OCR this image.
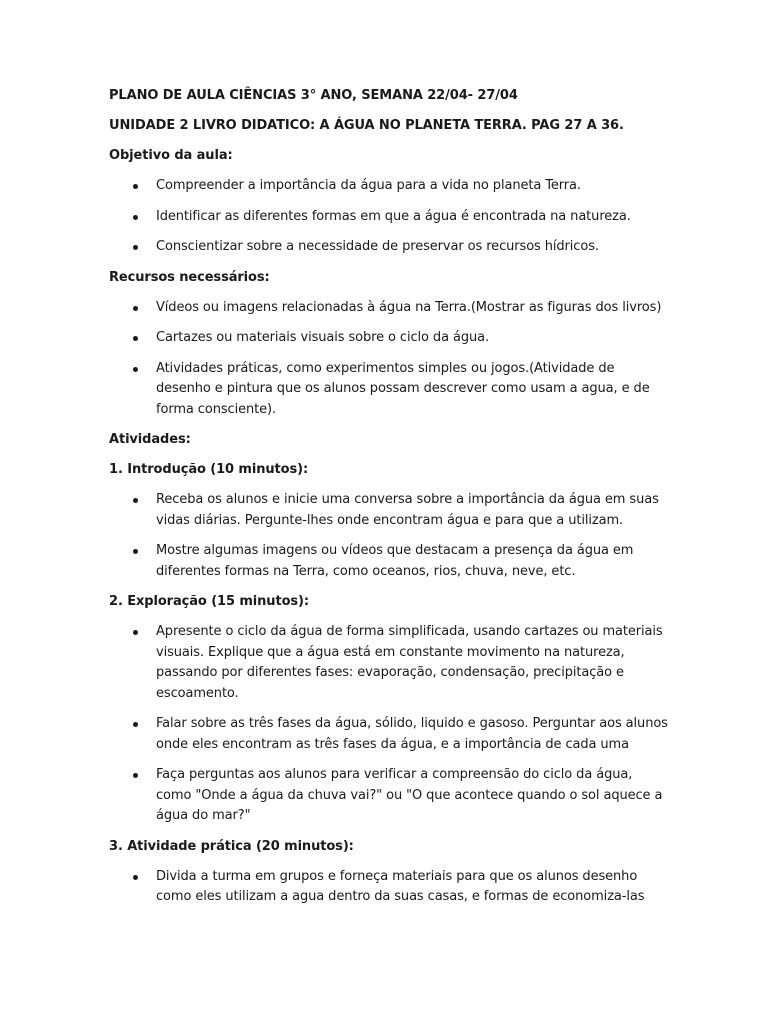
PLANO DE AULA CIÊNCIAS 3° ANO, SEMANA 22/04- 27/04
UNIDADE 2 LIVRO DIDATICO: A ÁGUA NO PLANETA TERRA. PAG 27 A 36.
Objetivo da aula:
Compreender a importância da água para a vida no planeta Terra.
Identificar as diferentes formas em que a água é encontrada na natureza.
Conscientizar sobre a necessidade de preservar os recursos hídricos.
Recursos necessários:
Vídeos ou imagens relacionadas à água na Terra.(Mostrar as figuras dos livros)
Cartazes ou materiais visuais sobre o ciclo da água.
Atividades práticas, como experimentos simples ou jogos.(Atividade de desenho e pintura que os alunos possam descrever como usam a agua, e de forma consciente).
Atividades:
1. Introdução (10 minutos):
Receba os alunos e inicie uma conversa sobre a importância da água em suas vidas diárias. Pergunte-lhes onde encontram água e para que a utilizam.
Mostre algumas imagens ou vídeos que destacam a presença da água em diferentes formas na Terra, como oceanos, rios, chuva, neve, etc.
2. Exploração (15 minutos):
Apresente o ciclo da água de forma simplificada, usando cartazes ou materiais visuais. Explique que a água está em constante movimento na natureza, passando por diferentes fases: evaporação, condensação, precipitação e escoamento.
Falar sobre as três fases da água, sólido, liquido e gasoso. Perguntar aos alunos onde eles encontram as três fases da água, e a importância de cada uma
Faça perguntas aos alunos para verificar a compreensão do ciclo da água, como "Onde a água da chuva vai?" ou "O que acontece quando o sol aquece a água do mar?"
3. Atividade prática (20 minutos):
Divida a turma em grupos e forneça materiais para que os alunos desenho como eles utilizam a agua dentro da suas casas, e formas de economiza-las
